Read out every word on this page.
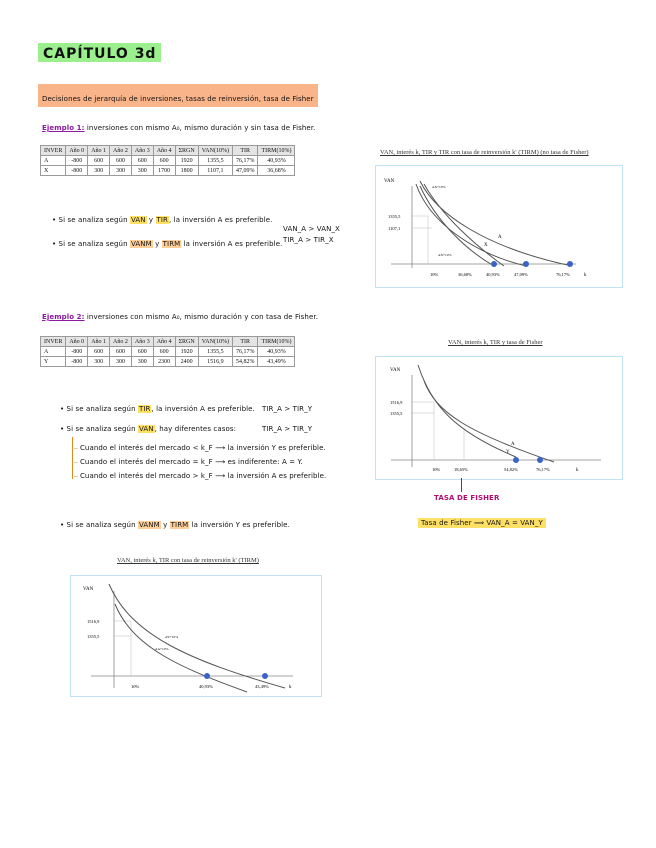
CAPÍTULO 3d
Decisiones de jerarquía de inversiones, tasas de reinversión, tasa de Fisher
Ejemplo 1: inversiones con mismo A₀, mismo duración y sin tasa de Fisher.
INVER	Año 0	Año 1	Año 2	Año 3	Año 4	ΣRGN	VAN(10%)	TIR	TIRM(10%)
A	-800	600	600	600	600	1920	1355,5	76,17%	40,93%
X	-800	300	300	300	1700	1800	1107,1	47,09%	36,68%
• Si se analiza según VAN y TIR, la inversión A es preferible.
• Si se analiza según VANM y TIRM la inversión A es preferible.
VAN_A > VAN_X
TIR_A > TIR_X
Ejemplo 2: inversiones con mismo A₀, mismo duración y con tasa de Fisher.
INVER	Año 0	Año 1	Año 2	Año 3	Año 4	ΣRGN	VAN(10%)	TIR	TIRM(10%)
A	-800	600	600	600	600	1920	1355,5	76,17%	40,93%
Y	-800	300	300	300	2300	2400	1516,9	54,82%	43,49%
• Si se analiza según TIR, la inversión A es preferible. TIR_A > TIR_Y
• Si se analiza según VAN, hay diferentes casos:	TIR_A > TIR_Y
⎯ Cuando el interés del mercado < k_F ⟶ la inversión Y es preferible.
⎯ Cuando el interés del mercado = k_F ⟶ es indiferente: A = Y.
⎯ Cuando el interés del mercado > k_F ⟶ la inversión A es preferible.
• Si se analiza según VANM y TIRM la inversión Y es preferible.
VAN, interés k, TIR y TIR con tasa de reinversión k' (TIRM) (no tasa de Fisher)
VAN
k
1355,5
1107,1
10%	36,68%	40,93%	47,09%	76,17%
A
X
AX+10%
AX+10%
VAN, interés k, TIR y tasa de Fisher
VAN
k
1516,9
1355,5
10%	18,65%	54,82%	76,17%
A
Y
TASA DE FISHER
Tasa de Fisher ⟹ VAN_A = VAN_Y
VAN, interés k, TIR con tasa de reinversión k' (TIRM)
VAN
k
1516,9
1355,5
10%	40,93%	43,49%
AY+10%
AA+10%
